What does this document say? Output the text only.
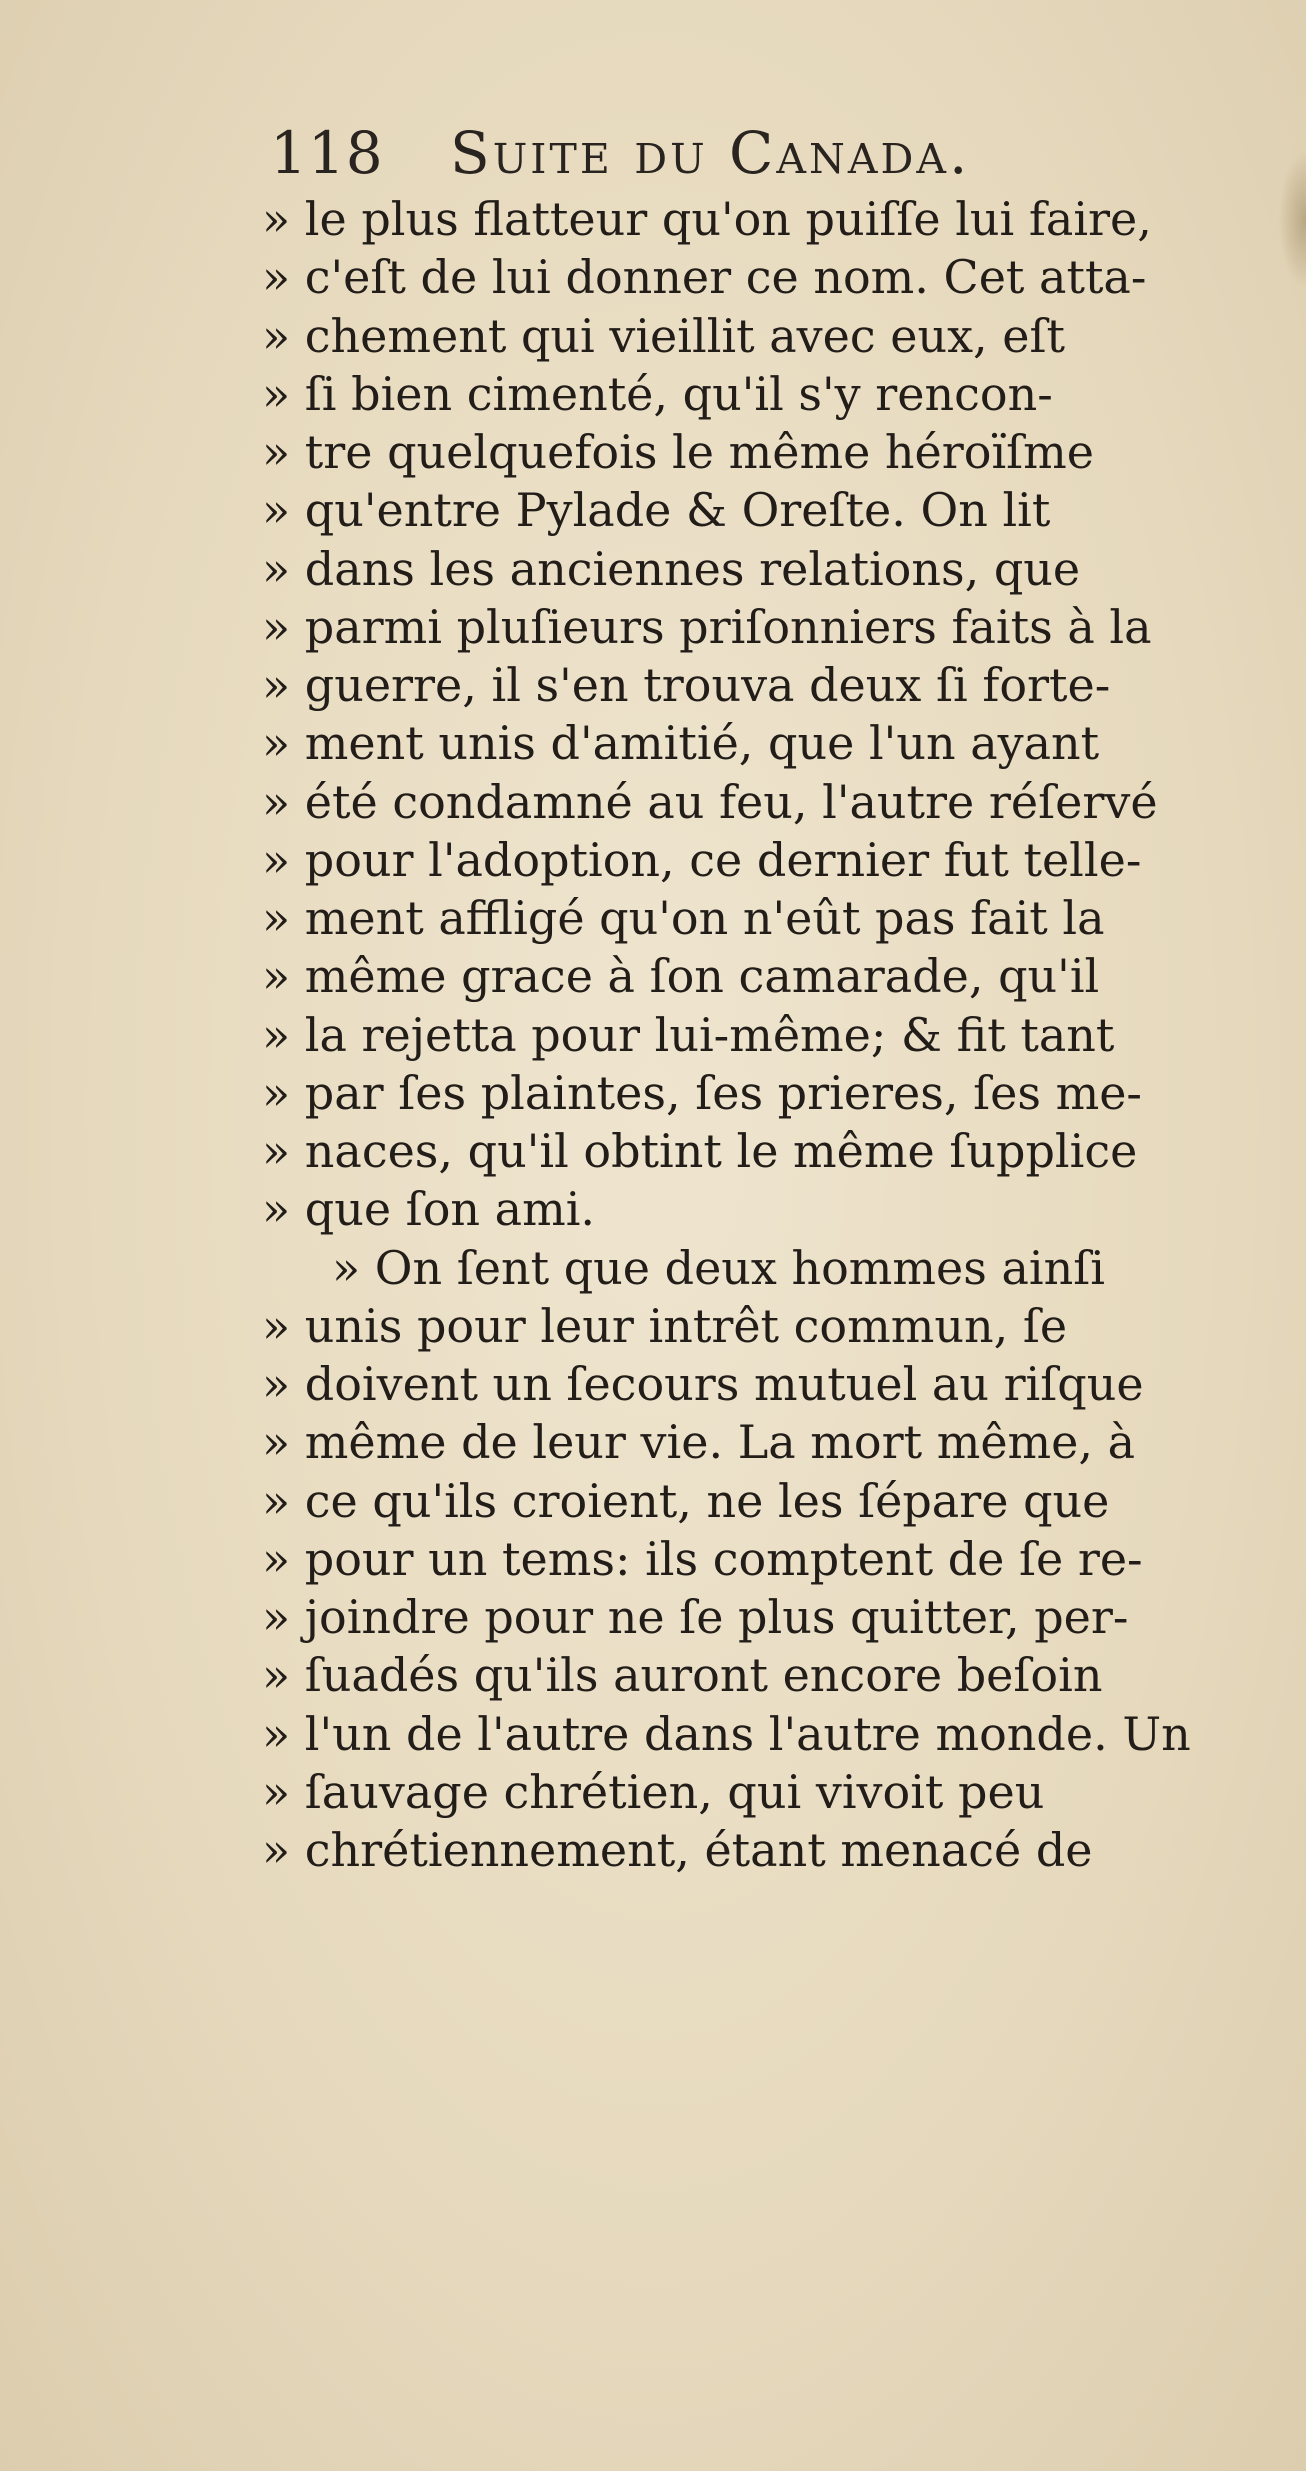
118 Suite du Canada.
» le plus flatteur qu'on puiſſe lui faire,
» c'eſt de lui donner ce nom. Cet atta-
» chement qui vieillit avec eux, eſt
» ſi bien cimenté, qu'il s'y rencon-
» tre quelquefois le même héroïſme
» qu'entre Pylade & Oreſte. On lit
» dans les anciennes relations, que
» parmi pluſieurs priſonniers faits à la
» guerre, il s'en trouva deux ſi forte-
» ment unis d'amitié, que l'un ayant
» été condamné au feu, l'autre réſervé
» pour l'adoption, ce dernier fut telle-
» ment affligé qu'on n'eût pas fait la
» même grace à ſon camarade, qu'il
» la rejetta pour lui-même; & fit tant
» par ſes plaintes, ſes prieres, ſes me-
» naces, qu'il obtint le même ſupplice
» que ſon ami.
» On ſent que deux hommes ainſi
» unis pour leur intrêt commun, ſe
» doivent un ſecours mutuel au riſque
» même de leur vie. La mort même, à
» ce qu'ils croient, ne les ſépare que
» pour un tems: ils comptent de ſe re-
» joindre pour ne ſe plus quitter, per-
» ſuadés qu'ils auront encore beſoin
» l'un de l'autre dans l'autre monde. Un
» ſauvage chrétien, qui vivoit peu
» chrétiennement, étant menacé de
